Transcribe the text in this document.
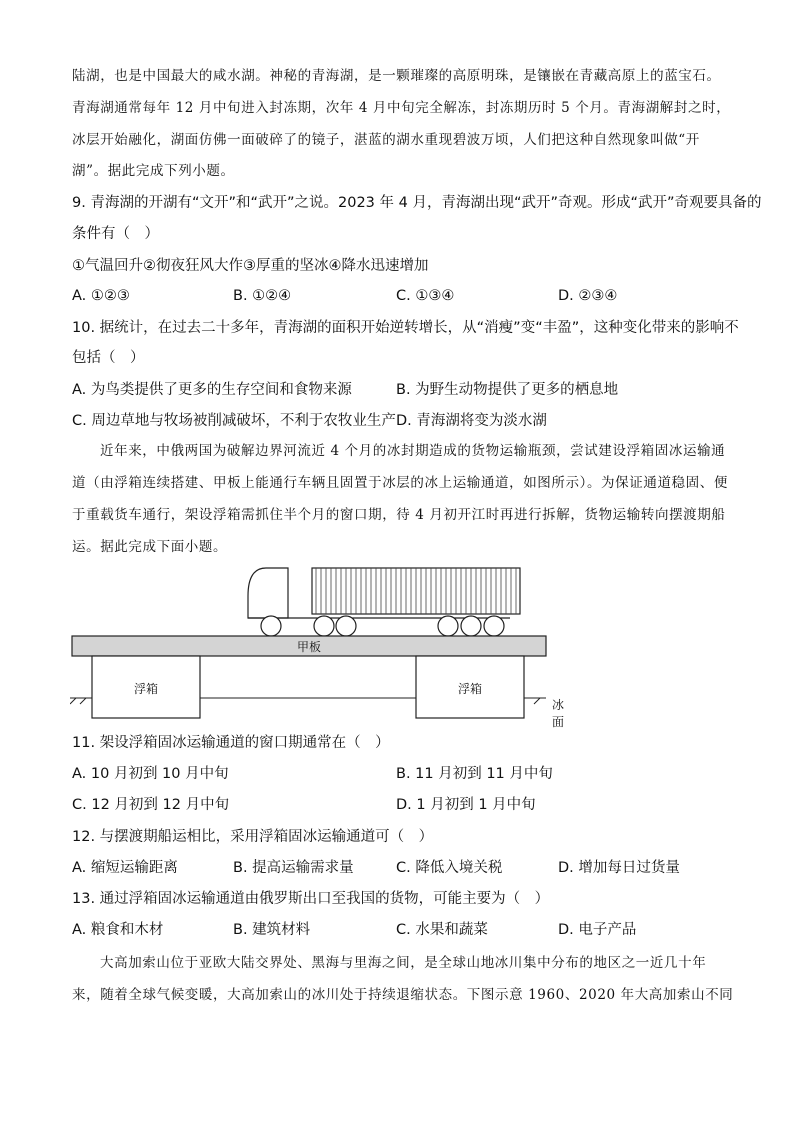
陆湖，也是中国最大的咸水湖。神秘的青海湖，是一颗璀璨的高原明珠，是镶嵌在青藏高原上的蓝宝石。
青海湖通常每年 12 月中旬进入封冻期，次年 4 月中旬完全解冻，封冻期历时 5 个月。青海湖解封之时，
冰层开始融化，湖面仿佛一面破碎了的镜子，湛蓝的湖水重现碧波万顷，人们把这种自然现象叫做“开
湖”。据此完成下列小题。
9. 青海湖的开湖有“文开”和“武开”之说。2023 年 4 月，青海湖出现“武开”奇观。形成“武开”奇观要具备的
条件有（　）
①气温回升②彻夜狂风大作③厚重的坚冰④降水迅速增加
A. ①②③	B. ①②④	C. ①③④	D. ②③④
10. 据统计，在过去二十多年，青海湖的面积开始逆转增长，从“消瘦”变“丰盈”，这种变化带来的影响不
包括（　）
A. 为鸟类提供了更多的生存空间和食物来源	B. 为野生动物提供了更多的栖息地
C. 周边草地与牧场被削减破坏，不利于农牧业生产 D. 青海湖将变为淡水湖
近年来，中俄两国为破解边界河流近 4 个月的冰封期造成的货物运输瓶颈，尝试建设浮箱固冰运输通
道（由浮箱连续搭建、甲板上能通行车辆且固置于冰层的冰上运输通道，如图所示）。为保证通道稳固、便
于重载货车通行，架设浮箱需抓住半个月的窗口期，待 4 月初开江时再进行拆解，货物运输转向摆渡期船
运。据此完成下面小题。
甲板
浮箱	浮箱
冰面
11. 架设浮箱固冰运输通道的窗口期通常在（　）
A. 10 月初到 10 月中旬	B. 11 月初到 11 月中旬
C. 12 月初到 12 月中旬	D. 1 月初到 1 月中旬
12. 与摆渡期船运相比，采用浮箱固冰运输通道可（　）
A. 缩短运输距离	B. 提高运输需求量	C. 降低入境关税	D. 增加每日过货量
13. 通过浮箱固冰运输通道由俄罗斯出口至我国的货物，可能主要为（　）
A. 粮食和木材	B. 建筑材料	C. 水果和蔬菜	D. 电子产品
大高加索山位于亚欧大陆交界处、黑海与里海之间，是全球山地冰川集中分布的地区之一近几十年
来，随着全球气候变暖，大高加索山的冰川处于持续退缩状态。下图示意 1960、2020 年大高加索山不同
